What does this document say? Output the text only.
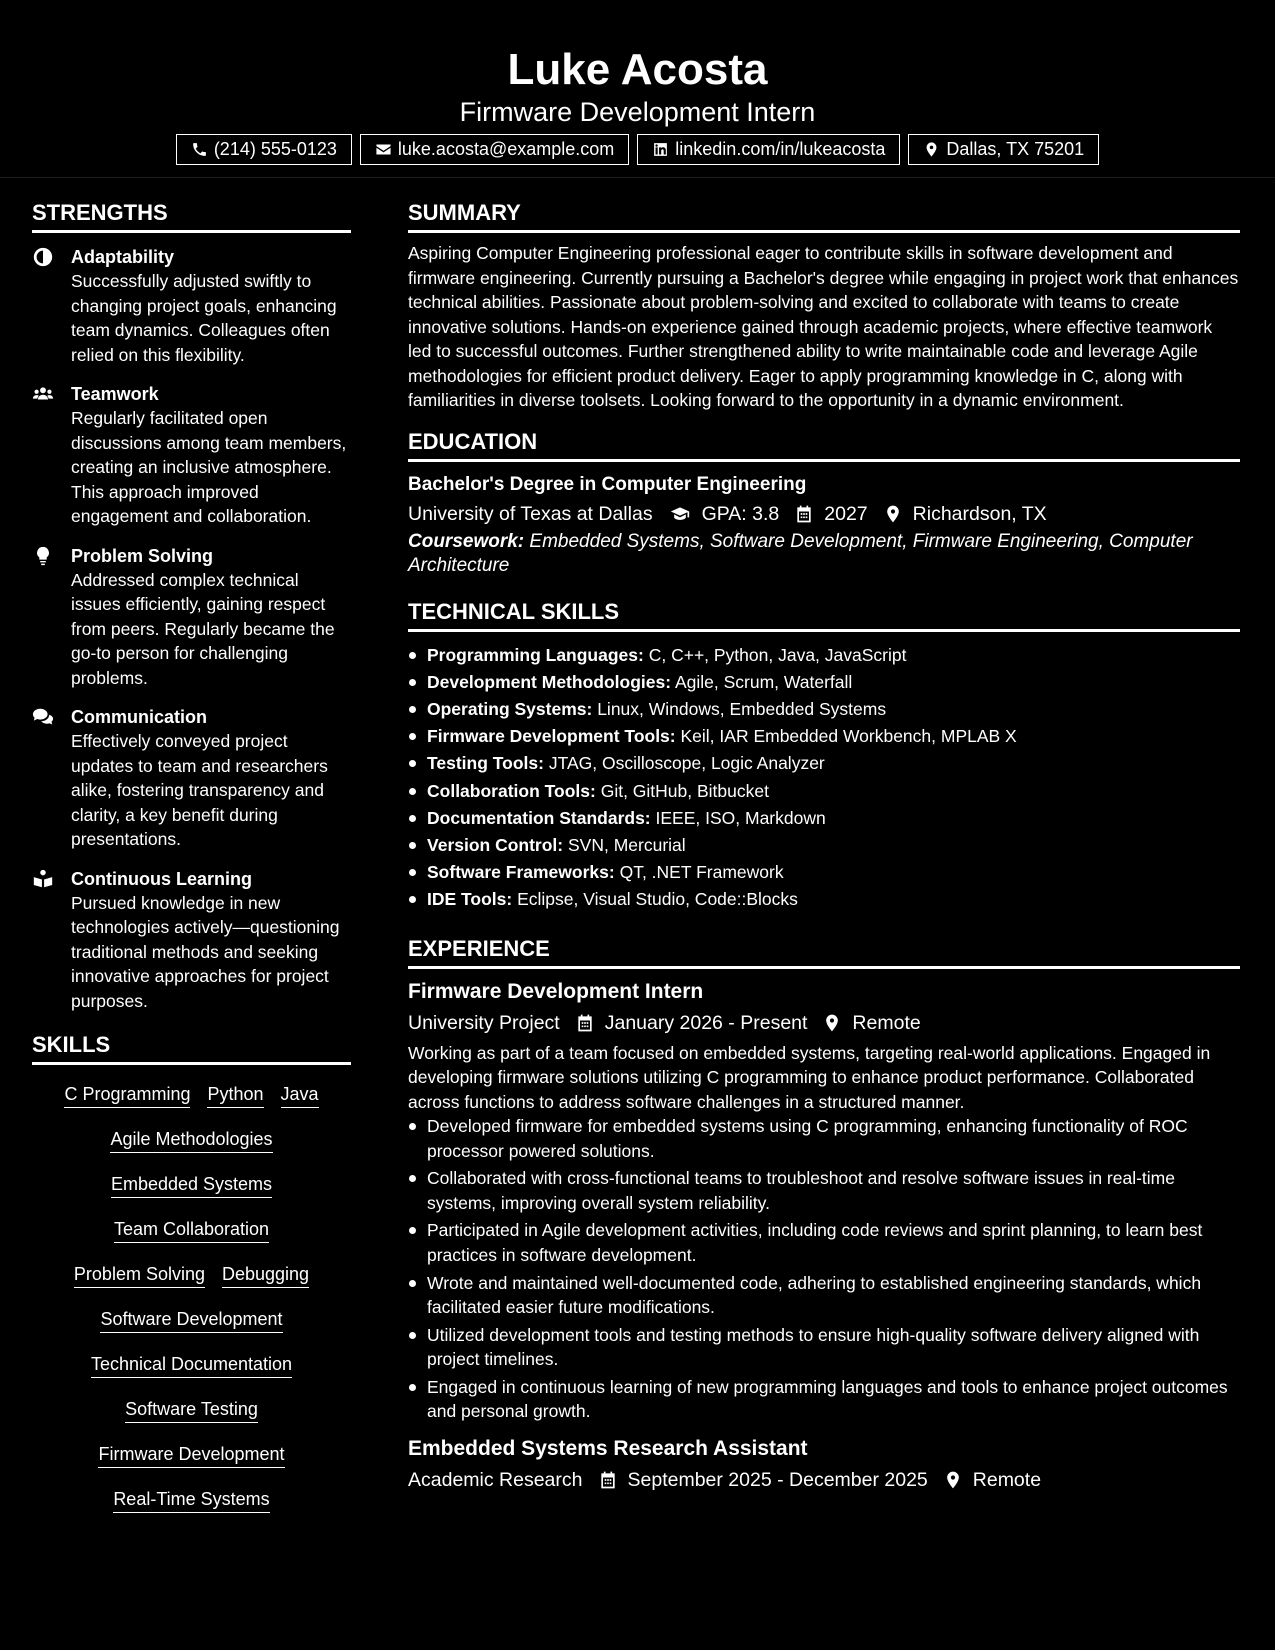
Luke Acosta
Firmware Development Intern
(214) 555-0123	luke.acosta@example.com	linkedin.com/in/lukeacosta	Dallas, TX 75201
STRENGTHS
Adaptability
Successfully adjusted swiftly to changing project goals, enhancing team dynamics. Colleagues often relied on this flexibility.
Teamwork
Regularly facilitated open discussions among team members, creating an inclusive atmosphere. This approach improved engagement and collaboration.
Problem Solving
Addressed complex technical issues efficiently, gaining respect from peers. Regularly became the go-to person for challenging problems.
Communication
Effectively conveyed project updates to team and researchers alike, fostering transparency and clarity, a key benefit during presentations.
Continuous Learning
Pursued knowledge in new technologies actively—questioning traditional methods and seeking innovative approaches for project purposes.
SKILLS
C Programming Python Java
Agile Methodologies
Embedded Systems
Team Collaboration
Problem Solving Debugging
Software Development
Technical Documentation
Software Testing
Firmware Development
Real-Time Systems
SUMMARY
Aspiring Computer Engineering professional eager to contribute skills in software development and firmware engineering. Currently pursuing a Bachelor's degree while engaging in project work that enhances technical abilities. Passionate about problem-solving and excited to collaborate with teams to create innovative solutions. Hands-on experience gained through academic projects, where effective teamwork led to successful outcomes. Further strengthened ability to write maintainable code and leverage Agile methodologies for efficient product delivery. Eager to apply programming knowledge in C, along with familiarities in diverse toolsets. Looking forward to the opportunity in a dynamic environment.
EDUCATION
Bachelor's Degree in Computer Engineering
University of Texas at Dallas	GPA: 3.8 2027 Richardson, TX
Coursework: Embedded Systems, Software Development, Firmware Engineering, Computer Architecture
TECHNICAL SKILLS
Programming Languages: C, C++, Python, Java, JavaScript
Development Methodologies: Agile, Scrum, Waterfall
Operating Systems: Linux, Windows, Embedded Systems
Firmware Development Tools: Keil, IAR Embedded Workbench, MPLAB X
Testing Tools: JTAG, Oscilloscope, Logic Analyzer
Collaboration Tools: Git, GitHub, Bitbucket
Documentation Standards: IEEE, ISO, Markdown
Version Control: SVN, Mercurial
Software Frameworks: QT, .NET Framework
IDE Tools: Eclipse, Visual Studio, Code::Blocks
EXPERIENCE
Firmware Development Intern
University Project January 2026 - Present Remote
Working as part of a team focused on embedded systems, targeting real-world applications. Engaged in developing firmware solutions utilizing C programming to enhance product performance. Collaborated across functions to address software challenges in a structured manner.
Developed firmware for embedded systems using C programming, enhancing functionality of ROC processor powered solutions.
Collaborated with cross-functional teams to troubleshoot and resolve software issues in real-time systems, improving overall system reliability.
Participated in Agile development activities, including code reviews and sprint planning, to learn best practices in software development.
Wrote and maintained well-documented code, adhering to established engineering standards, which facilitated easier future modifications.
Utilized development tools and testing methods to ensure high-quality software delivery aligned with project timelines.
Engaged in continuous learning of new programming languages and tools to enhance project outcomes and personal growth.
Embedded Systems Research Assistant
Academic Research September 2025 - December 2025 Remote
